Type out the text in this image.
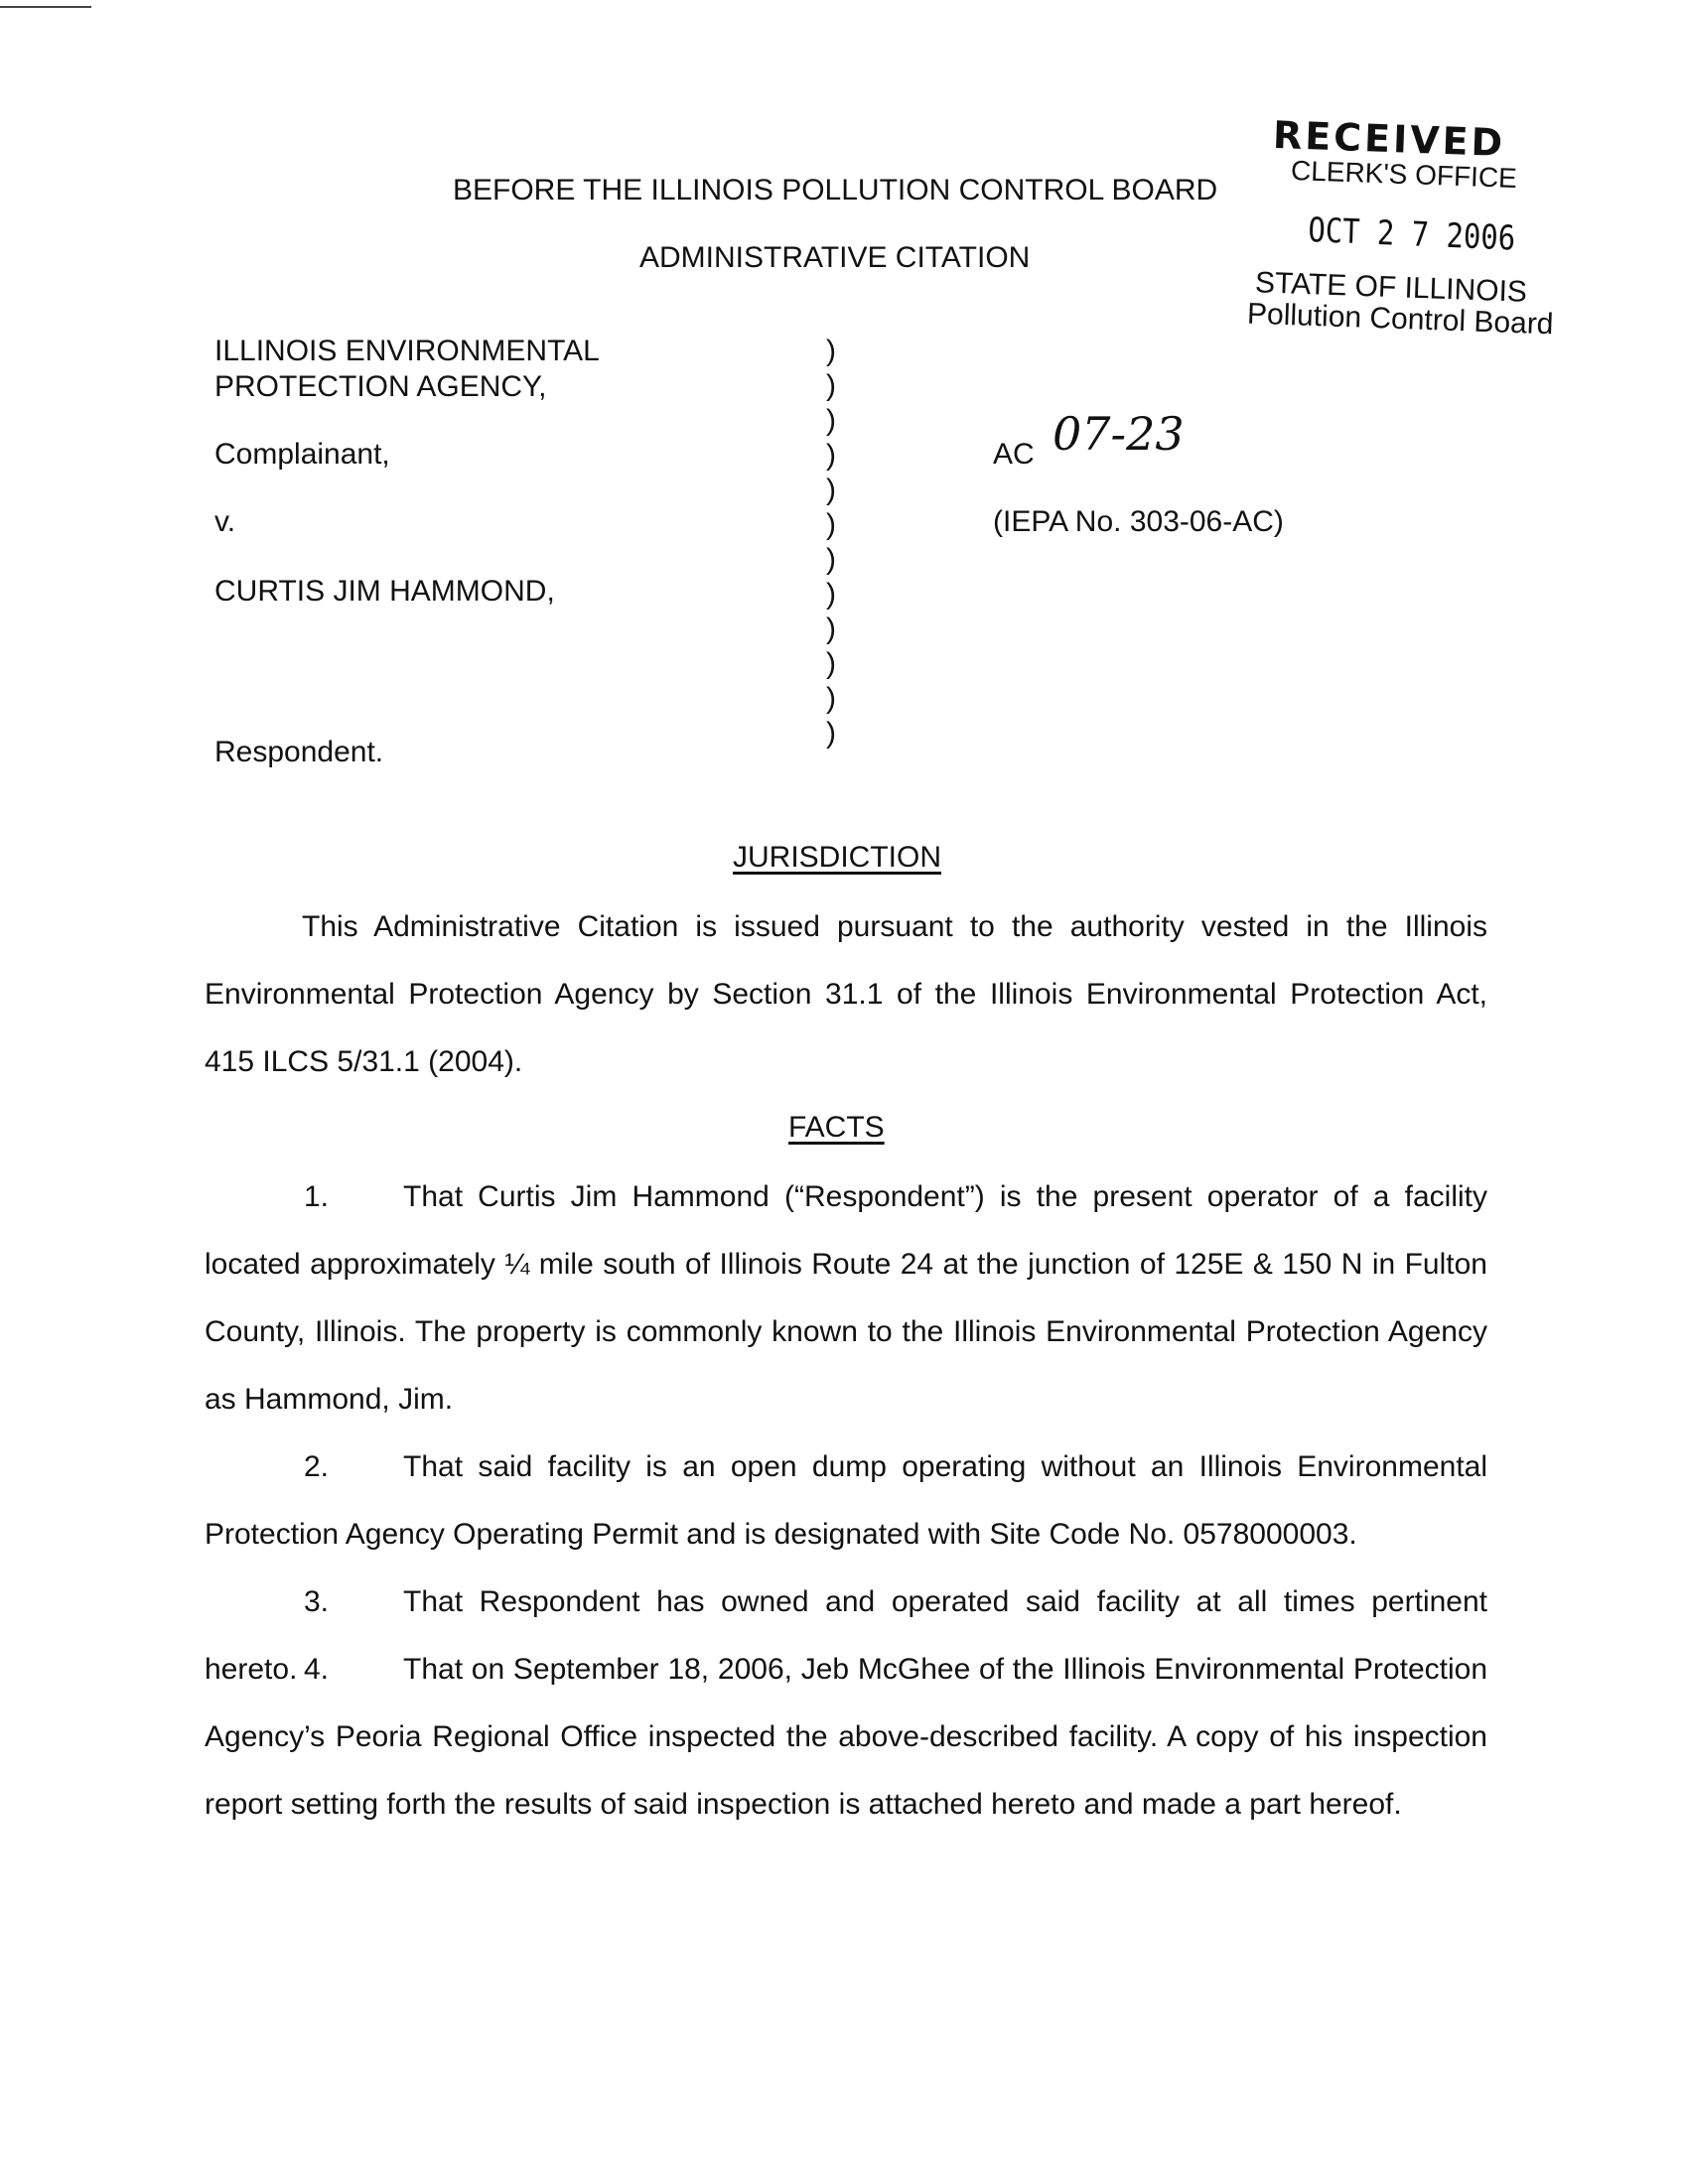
RECEIVED
CLERK'S OFFICE
OCT 2 7 2006
STATE OF ILLINOIS
Pollution Control Board
BEFORE THE ILLINOIS POLLUTION CONTROL BOARD
ADMINISTRATIVE CITATION
ILLINOIS ENVIRONMENTAL
PROTECTION AGENCY,
Complainant,
v.
CURTIS JIM HAMMOND,
Respondent.
)
)
)
)
)
)
)
)
)
)
)
)
AC 07-23
(IEPA No. 303-06-AC)
JURISDICTION
This Administrative Citation is issued pursuant to the authority vested in the Illinois Environmental Protection Agency by Section 31.1 of the Illinois Environmental Protection Act, 415 ILCS 5/31.1 (2004).
FACTS
1. That Curtis Jim Hammond (“Respondent”) is the present operator of a facility located approximately ¼ mile south of Illinois Route 24 at the junction of 125E & 150 N in Fulton County, Illinois. The property is commonly known to the Illinois Environmental Protection Agency as Hammond, Jim.
2. That said facility is an open dump operating without an Illinois Environmental Protection Agency Operating Permit and is designated with Site Code No. 0578000003.
3. That Respondent has owned and operated said facility at all times pertinent hereto. 4. That on September 18, 2006, Jeb McGhee of the Illinois Environmental Protection Agency’s Peoria Regional Office inspected the above-described facility. A copy of his inspection report setting forth the results of said inspection is attached hereto and made a part hereof.
